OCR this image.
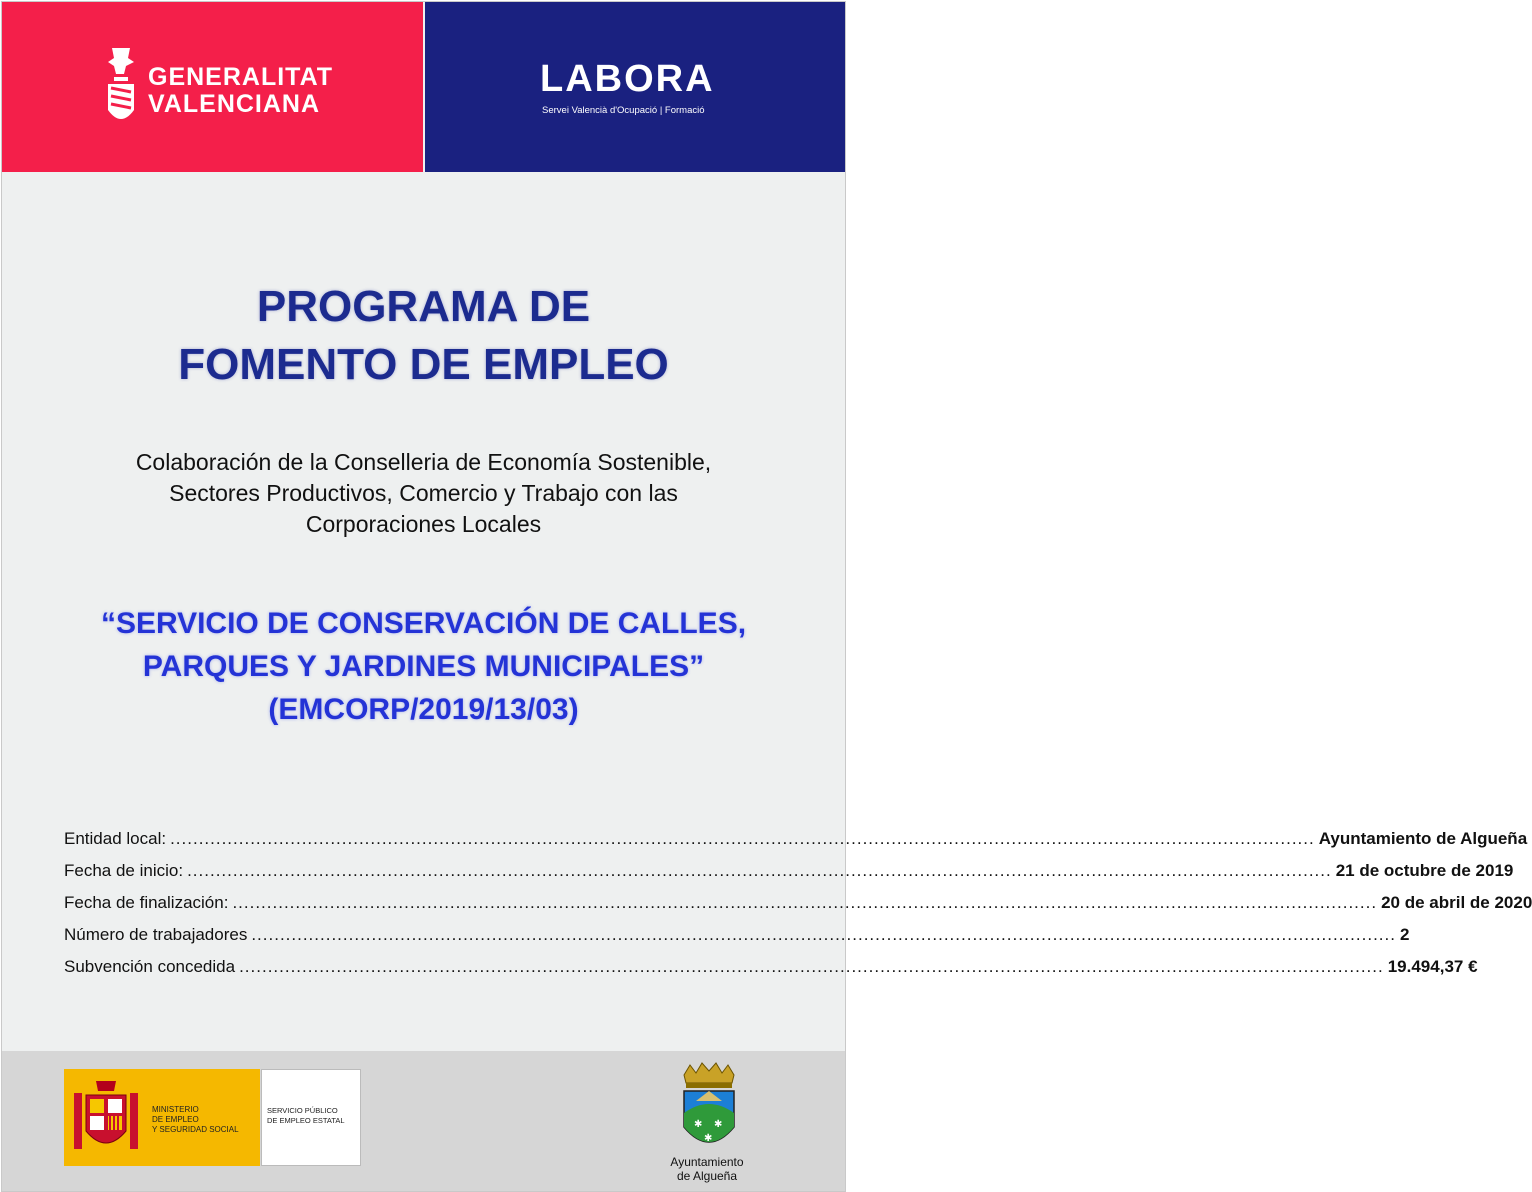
GENERALITAT
VALENCIANA
LABORA
Servei Valencià d'Ocupació | Formació
PROGRAMA DE
FOMENTO DE EMPLEO
Colaboración de la Conselleria de Economía Sostenible,
Sectores Productivos, Comercio y Trabajo con las
Corporaciones Locales
“SERVICIO DE CONSERVACIÓN DE CALLES,
PARQUES Y JARDINES MUNICIPALES”
(EMCORP/2019/13/03)
Entidad local: ........................................................................................................................................................................................................ Ayuntamiento de Algueña
Fecha de inicio: ........................................................................................................................................................................................................ 21 de octubre de 2019
Fecha de finalización: ........................................................................................................................................................................................................ 20 de abril de 2020
Número de trabajadores ........................................................................................................................................................................................................ 2
Subvención concedida ........................................................................................................................................................................................................ 19.494,37 €
MINISTERIO
DE EMPLEO
Y SEGURIDAD SOCIAL
SERVICIO PÚBLICO
DE EMPLEO ESTATAL	✱ ✱
✱
Ayuntamiento
de Algueña
